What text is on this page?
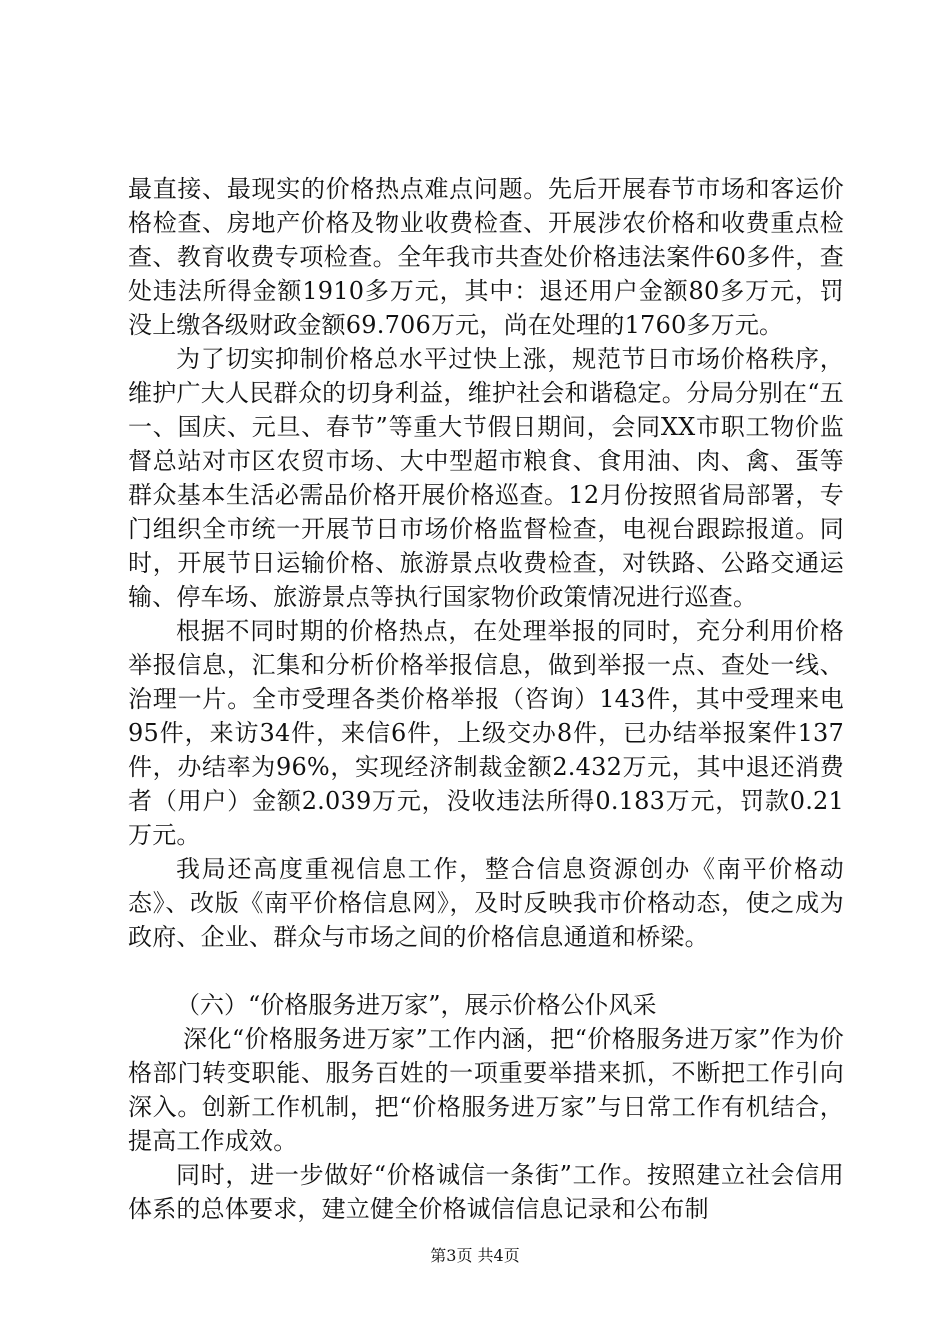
最直接、最现实的价格热点难点问题。先后开展春节市场和客运价格检查、房地产价格及物业收费检查、开展涉农价格和收费重点检查、教育收费专项检查。全年我市共查处价格违法案件60多件，查处违法所得金额1910多万元，其中：退还用户金额80多万元，罚没上缴各级财政金额69.706万元，尚在处理的1760多万元。

为了切实抑制价格总水平过快上涨，规范节日市场价格秩序，维护广大人民群众的切身利益，维护社会和谐稳定。分局分别在“五一、国庆、元旦、春节”等重大节假日期间，会同XX市职工物价监督总站对市区农贸市场、大中型超市粮食、食用油、肉、禽、蛋等群众基本生活必需品价格开展价格巡查。12月份按照省局部署，专门组织全市统一开展节日市场价格监督检查，电视台跟踪报道。同时，开展节日运输价格、旅游景点收费检查，对铁路、公路交通运输、停车场、旅游景点等执行国家物价政策情况进行巡查。

根据不同时期的价格热点，在处理举报的同时，充分利用价格举报信息，汇集和分析价格举报信息，做到举报一点、查处一线、治理一片。全市受理各类价格举报（咨询）143件，其中受理来电95件，来访34件，来信6件，上级交办8件，已办结举报案件137件，办结率为96%，实现经济制裁金额2.432万元，其中退还消费者（用户）金额2.039万元，没收违法所得0.183万元，罚款0.21万元。

我局还高度重视信息工作，整合信息资源创办《南平价格动态》、改版《南平价格信息网》，及时反映我市价格动态，使之成为政府、企业、群众与市场之间的价格信息通道和桥梁。

（六）“价格服务进万家”，展示价格公仆风采

深化“价格服务进万家”工作内涵，把“价格服务进万家”作为价格部门转变职能、服务百姓的一项重要举措来抓，不断把工作引向深入。创新工作机制，把“价格服务进万家”与日常工作有机结合，提高工作成效。

同时，进一步做好“价格诚信一条街”工作。按照建立社会信用体系的总体要求，建立健全价格诚信信息记录和公布制

第3页 共4页
